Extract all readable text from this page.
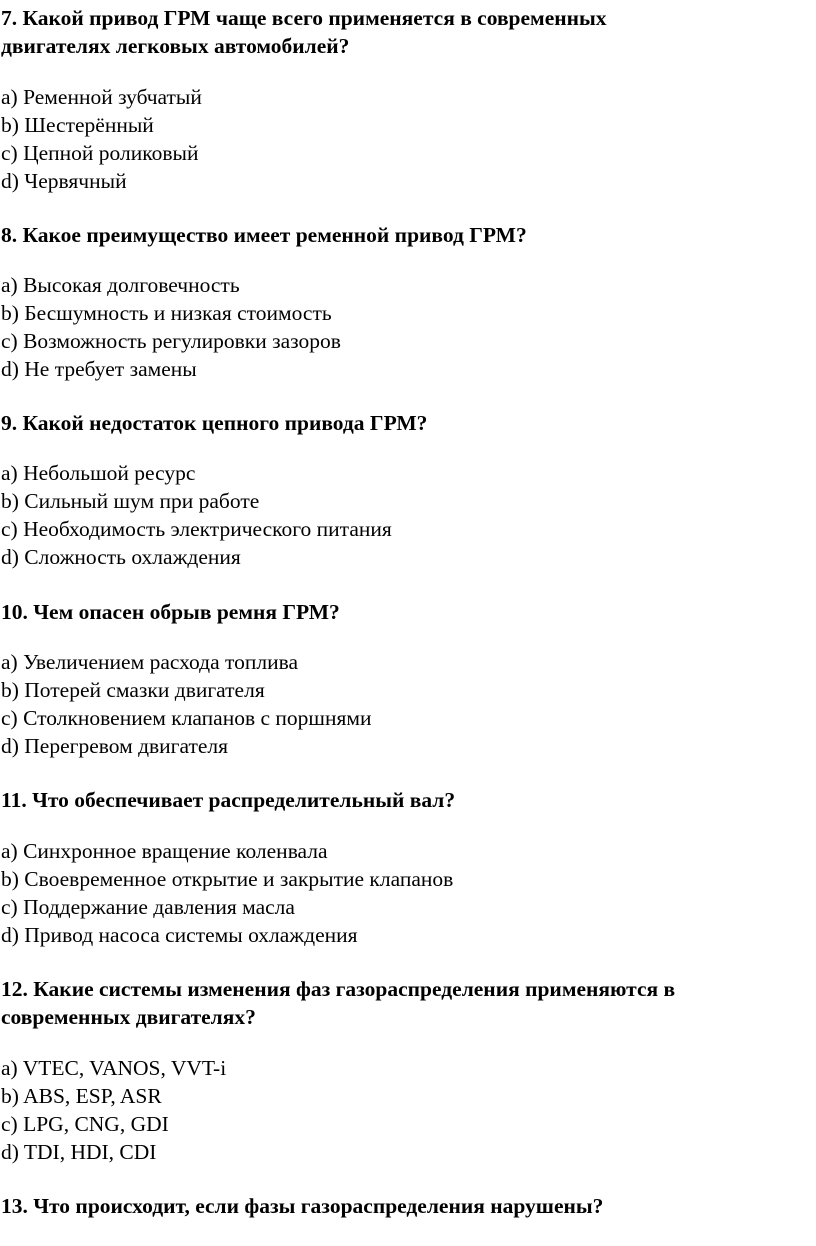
7. Какой привод ГРМ чаще всего применяется в современных
двигателях легковых автомобилей?
a) Ременной зубчатый
b) Шестерённый
c) Цепной роликовый
d) Червячный
8. Какое преимущество имеет ременной привод ГРМ?
a) Высокая долговечность
b) Бесшумность и низкая стоимость
c) Возможность регулировки зазоров
d) Не требует замены
9. Какой недостаток цепного привода ГРМ?
a) Небольшой ресурс
b) Сильный шум при работе
c) Необходимость электрического питания
d) Сложность охлаждения
10. Чем опасен обрыв ремня ГРМ?
a) Увеличением расхода топлива
b) Потерей смазки двигателя
c) Столкновением клапанов с поршнями
d) Перегревом двигателя
11. Что обеспечивает распределительный вал?
a) Синхронное вращение коленвала
b) Своевременное открытие и закрытие клапанов
c) Поддержание давления масла
d) Привод насоса системы охлаждения
12. Какие системы изменения фаз газораспределения применяются в
современных двигателях?
a) VTEC, VANOS, VVT-i
b) ABS, ESP, ASR
c) LPG, CNG, GDI
d) TDI, HDI, CDI
13. Что происходит, если фазы газораспределения нарушены?
